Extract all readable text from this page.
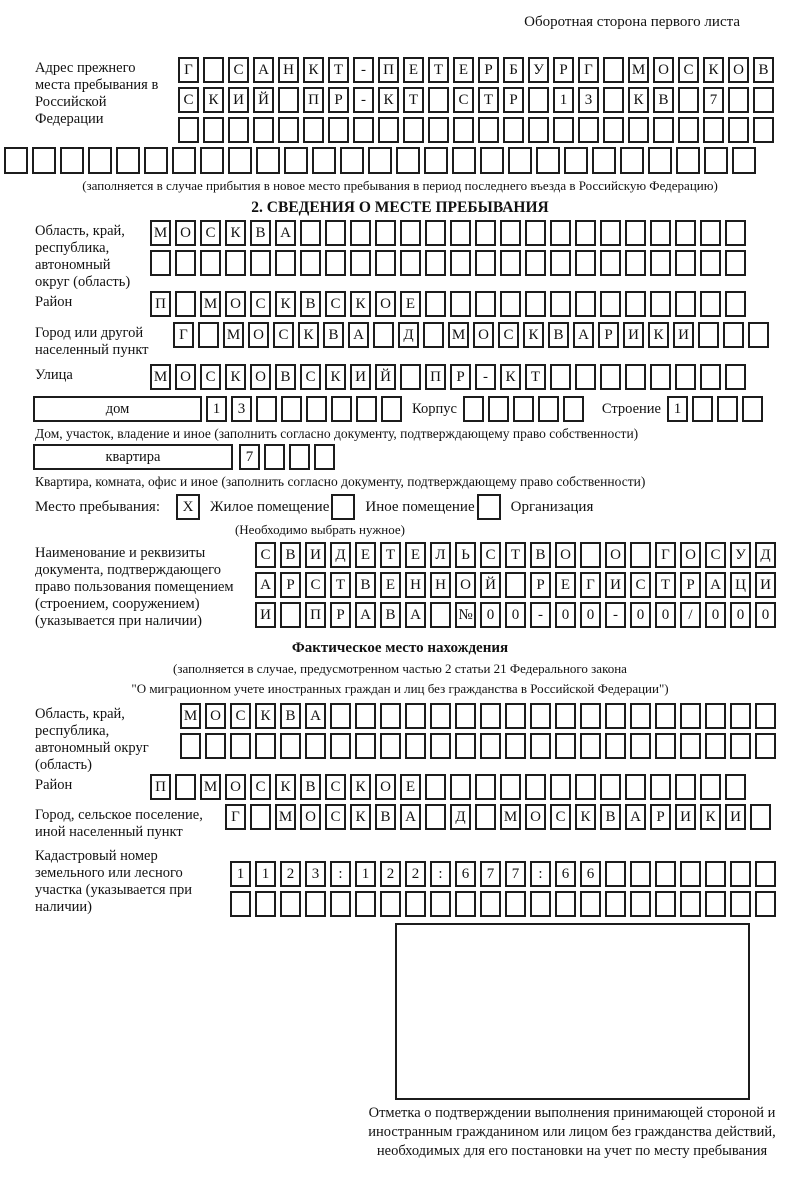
Оборотная сторона первого листа
Адрес прежнего места пребывания в Российской Федерации
Г	С А Н К	Т	-	П Е	Т	Е	Р	Б	У	Р	Г	М О С К О В
С К И Й	П	Р	-	К	Т	С	Т	Р	1	3	К В	7
(заполняется в случае прибытия в новое место пребывания в период последнего въезда в Российскую Федерацию)
2. СВЕДЕНИЯ О МЕСТЕ ПРЕБЫВАНИЯ
Область, край, республика, автономный округ (область)
М О С К В А
Район	П	М О С К В С К О Е
Город или другой населенный пункт
Г	М О С К В А	Д	М О С К В А	Р	И К И
Улица	М О С К О В С К И Й	П	Р	-	К	Т
дом	1	3	Корпус	Строение 1
Дом, участок, владение и иное (заполнить согласно документу, подтверждающему право собственности)
квартира	7
Квартира, комната, офис и иное (заполнить согласно документу, подтверждающему право собственности)
Место пребывания:	X	Жилое помещение Иное помещение Организация
(Необходимо выбрать нужное)
Наименование и реквизиты документа, подтверждающего право пользования помещением (строением, сооружением) (указывается при наличии)
С В И Д	Е	Т	Е	Л	Ь	С	Т	В О	О	Г	О С У Д
А	Р	С	Т	В	Е	Н Н О Й	Р	Е	Г	И С	Т	Р	А Ц И
И	П	Р	А В А	№ 0	0	-	0	0	-	0	0	/	0	0	0
Фактическое место нахождения
(заполняется в случае, предусмотренном частью 2 статьи 21 Федерального закона
"О миграционном учете иностранных граждан и лиц без гражданства в Российской Федерации")
Область, край, республика, автономный округ (область)
М О С К В А
Район	П	М О С К В С К О Е
Город, сельское поселение, иной населенный пункт
Г	М О С К В А	Д	М О С К В А	Р	И К И
Кадастровый номер земельного или лесного участка (указывается при наличии)
1	1	2	3	:	1	2	2	:	6	7	7	:	6	6
Отметка о подтверждении выполнения принимающей стороной и иностранным гражданином или лицом без гражданства действий, необходимых для его постановки на учет по месту пребывания
